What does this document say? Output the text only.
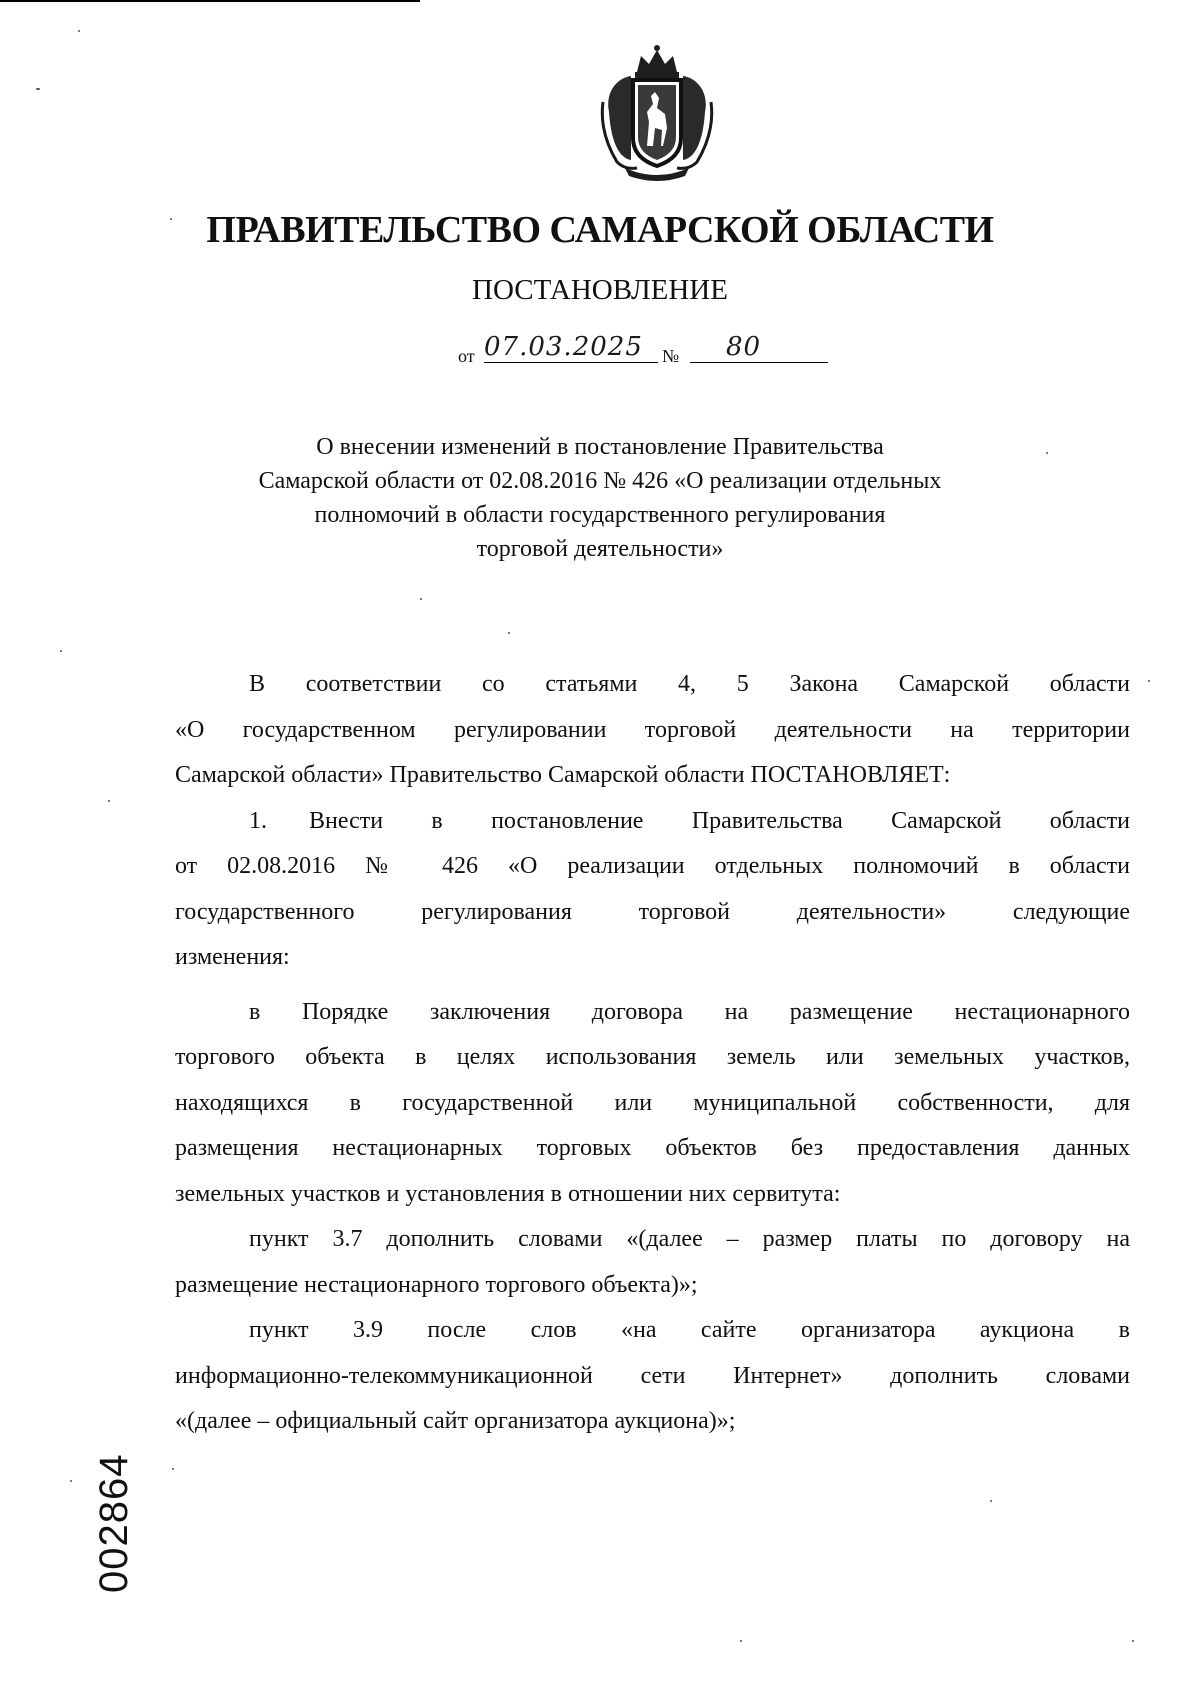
ПРАВИТЕЛЬСТВО САМАРСКОЙ ОБЛАСТИ
ПОСТАНОВЛЕНИЕ
от 07.03.2025 № 80
О внесении изменений в постановление Правительства
Самарской области от 02.08.2016 № 426 «О реализации отдельных
полномочий в области государственного регулирования
торговой деятельности»
В соответствии со статьями 4, 5 Закона Самарской области
«О государственном регулировании торговой деятельности на территории
Самарской области» Правительство Самарской области ПОСТАНОВЛЯЕТ:
1.	Внести в постановление Правительства Самарской области
от 02.08.2016 № 426 «О реализации отдельных полномочий в области
государственного регулирования торговой деятельности» следующие
изменения:
в Порядке заключения договора на размещение нестационарного
торгового объекта в целях использования земель или земельных участков,
находящихся в государственной или муниципальной собственности, для
размещения нестационарных торговых объектов без предоставления данных
земельных участков и установления в отношении них сервитута:
пункт 3.7 дополнить словами «(далее – размер платы по договору на
размещение нестационарного торгового объекта)»;
пункт 3.9 после слов «на сайте организатора аукциона в
информационно-телекоммуникационной сети Интернет» дополнить словами
«(далее – официальный сайт организатора аукциона)»;
002864
